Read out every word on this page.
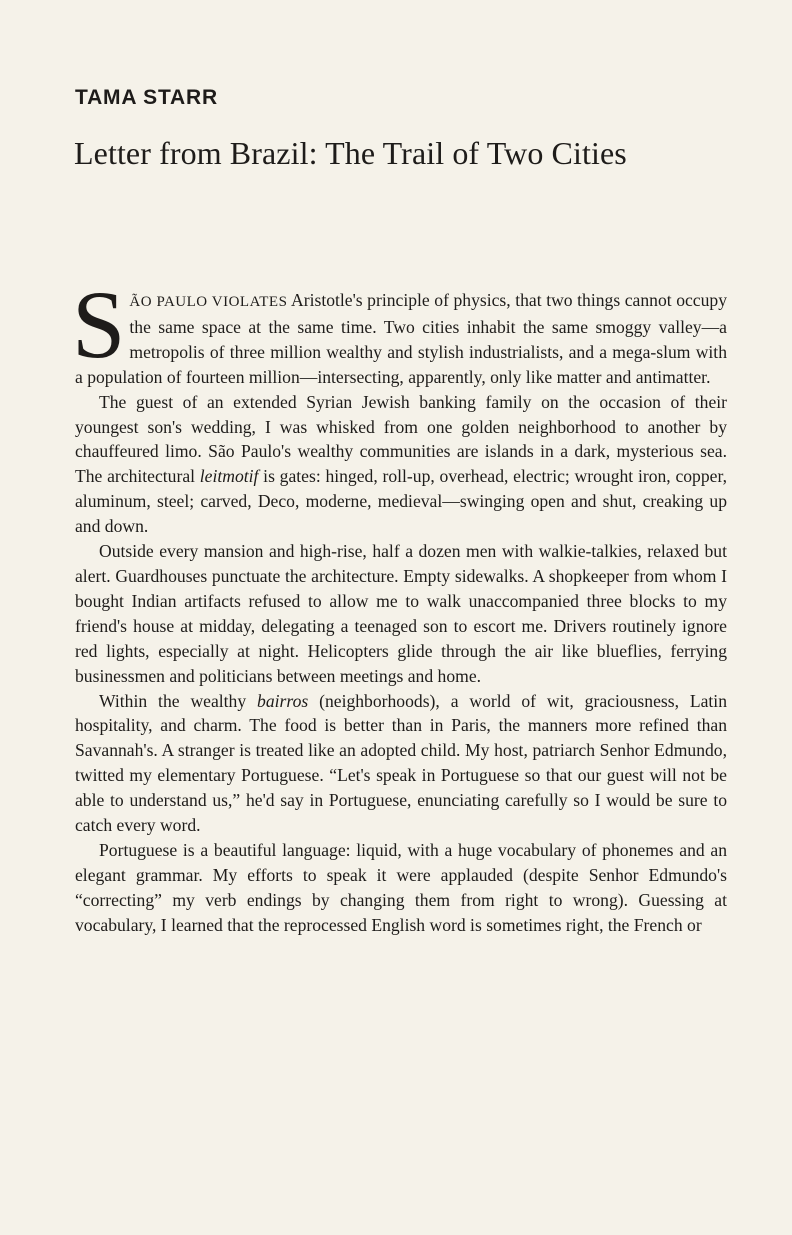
TAMA STARR
Letter from Brazil: The Trail of Two Cities

SÃO PAULO VIOLATES Aristotle's principle of physics, that two things cannot occupy the same space at the same time. Two cities inhabit the same smoggy valley—a metropolis of three million wealthy and stylish industrialists, and a mega-slum with a population of fourteen million—intersecting, apparently, only like matter and antimatter.

The guest of an extended Syrian Jewish banking family on the occasion of their youngest son's wedding, I was whisked from one golden neighborhood to another by chauffeured limo. São Paulo's wealthy communities are islands in a dark, mysterious sea. The architectural leitmotif is gates: hinged, roll-up, overhead, electric; wrought iron, copper, aluminum, steel; carved, Deco, moderne, medieval—swinging open and shut, creaking up and down.

Outside every mansion and high-rise, half a dozen men with walkie-talkies, relaxed but alert. Guardhouses punctuate the architecture. Empty sidewalks. A shopkeeper from whom I bought Indian artifacts refused to allow me to walk unaccompanied three blocks to my friend's house at midday, delegating a teenaged son to escort me. Drivers routinely ignore red lights, especially at night. Helicopters glide through the air like blueflies, ferrying businessmen and politicians between meetings and home.

Within the wealthy bairros (neighborhoods), a world of wit, graciousness, Latin hospitality, and charm. The food is better than in Paris, the manners more refined than Savannah's. A stranger is treated like an adopted child. My host, patriarch Senhor Edmundo, twitted my elementary Portuguese. “Let's speak in Portuguese so that our guest will not be able to understand us,” he'd say in Portuguese, enunciating carefully so I would be sure to catch every word.

Portuguese is a beautiful language: liquid, with a huge vocabulary of phonemes and an elegant grammar. My efforts to speak it were applauded (despite Senhor Edmundo's “correcting” my verb endings by changing them from right to wrong). Guessing at vocabulary, I learned that the reprocessed English word is sometimes right, the French or
